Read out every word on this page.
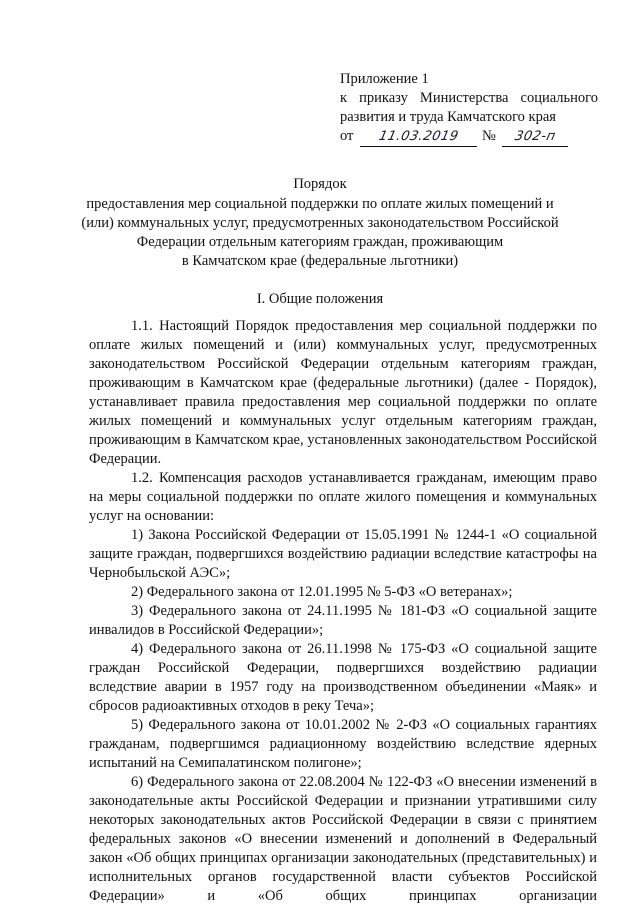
Приложение 1
к приказу Министерства социального
развития и труда Камчатского края
от	11.03.2019	№	302-п
Порядок
предоставления мер социальной поддержки по оплате жилых помещений и
(или) коммунальных услуг, предусмотренных законодательством Российской
Федерации отдельным категориям граждан, проживающим
в Камчатском крае (федеральные льготники)
I. Общие положения

1.1. Настоящий Порядок предоставления мер социальной поддержки по оплате жилых помещений и (или) коммунальных услуг, предусмотренных законодательством Российской Федерации отдельным категориям граждан, проживающим в Камчатском крае (федеральные льготники) (далее - Порядок), устанавливает правила предоставления мер социальной поддержки по оплате жилых помещений и коммунальных услуг отдельным категориям граждан, проживающим в Камчатском крае, установленных законодательством Российской Федерации.

1.2. Компенсация расходов устанавливается гражданам, имеющим право на меры социальной поддержки по оплате жилого помещения и коммунальных услуг на основании:

1) Закона Российской Федерации от 15.05.1991 № 1244-1 «О социальной защите граждан, подвергшихся воздействию радиации вследствие катастрофы на Чернобыльской АЭС»;

2) Федерального закона от 12.01.1995 № 5-ФЗ «О ветеранах»;

3) Федерального закона от 24.11.1995 № 181-ФЗ «О социальной защите инвалидов в Российской Федерации»;

4) Федерального закона от 26.11.1998 № 175-ФЗ «О социальной защите граждан Российской Федерации, подвергшихся воздействию радиации вследствие аварии в 1957 году на производственном объединении «Маяк» и сбросов радиоактивных отходов в реку Теча»;

5) Федерального закона от 10.01.2002 № 2-ФЗ «О социальных гарантиях гражданам, подвергшимся радиационному воздействию вследствие ядерных испытаний на Семипалатинском полигоне»;

6) Федерального закона от 22.08.2004 № 122-ФЗ «О внесении изменений в законодательные акты Российской Федерации и признании утратившими силу некоторых законодательных актов Российской Федерации в связи с принятием федеральных законов «О внесении изменений и дополнений в Федеральный закон «Об общих принципах организации законодательных (представительных) и исполнительных органов государственной власти субъектов Российской Федерации» и «Об общих принципах организации
